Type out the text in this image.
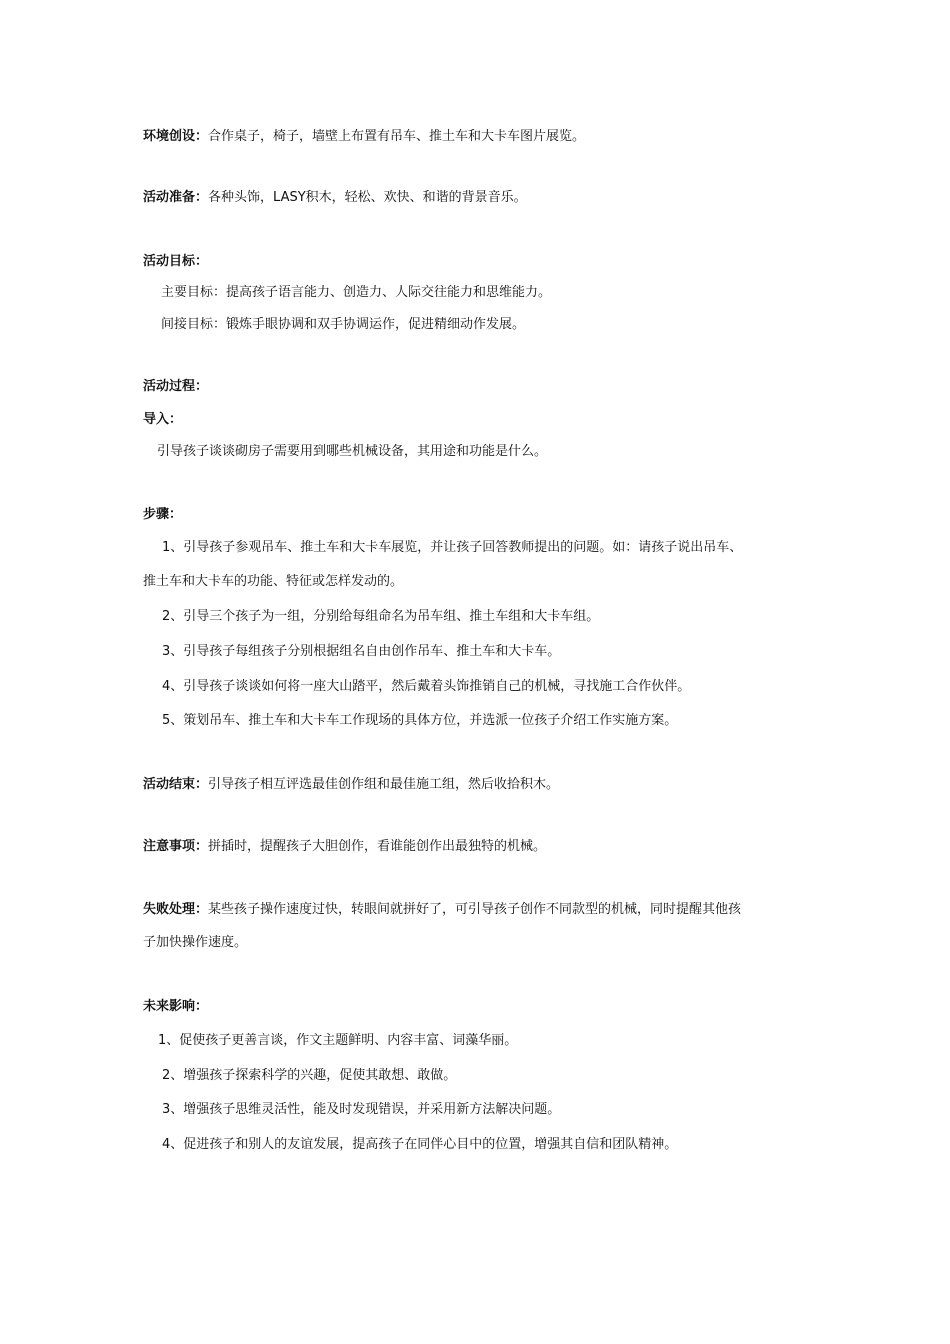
环境创设：合作桌子，椅子，墙壁上布置有吊车、推土车和大卡车图片展览。
活动准备：各种头饰，LASY积木，轻松、欢快、和谐的背景音乐。
活动目标：
主要目标：提高孩子语言能力、创造力、人际交往能力和思维能力。
间接目标：锻炼手眼协调和双手协调运作，促进精细动作发展。
活动过程：
导入：
引导孩子谈谈砌房子需要用到哪些机械设备，其用途和功能是什么。
步骤：
1、引导孩子参观吊车、推土车和大卡车展览，并让孩子回答教师提出的问题。如：请孩子说出吊车、
推土车和大卡车的功能、特征或怎样发动的。
2、引导三个孩子为一组，分别给每组命名为吊车组、推土车组和大卡车组。
3、引导孩子每组孩子分别根据组名自由创作吊车、推土车和大卡车。
4、引导孩子谈谈如何将一座大山踏平，然后戴着头饰推销自己的机械，寻找施工合作伙伴。
5、策划吊车、推土车和大卡车工作现场的具体方位，并选派一位孩子介绍工作实施方案。
活动结束：引导孩子相互评选最佳创作组和最佳施工组，然后收拾积木。
注意事项：拼插时，提醒孩子大胆创作，看谁能创作出最独特的机械。
失败处理：某些孩子操作速度过快，转眼间就拼好了，可引导孩子创作不同款型的机械，同时提醒其他孩
子加快操作速度。
未来影响：
1、促使孩子更善言谈，作文主题鲜明、内容丰富、词藻华丽。
2、增强孩子探索科学的兴趣，促使其敢想、敢做。
3、增强孩子思维灵活性，能及时发现错误，并采用新方法解决问题。
4、促进孩子和别人的友谊发展，提高孩子在同伴心目中的位置，增强其自信和团队精神。
